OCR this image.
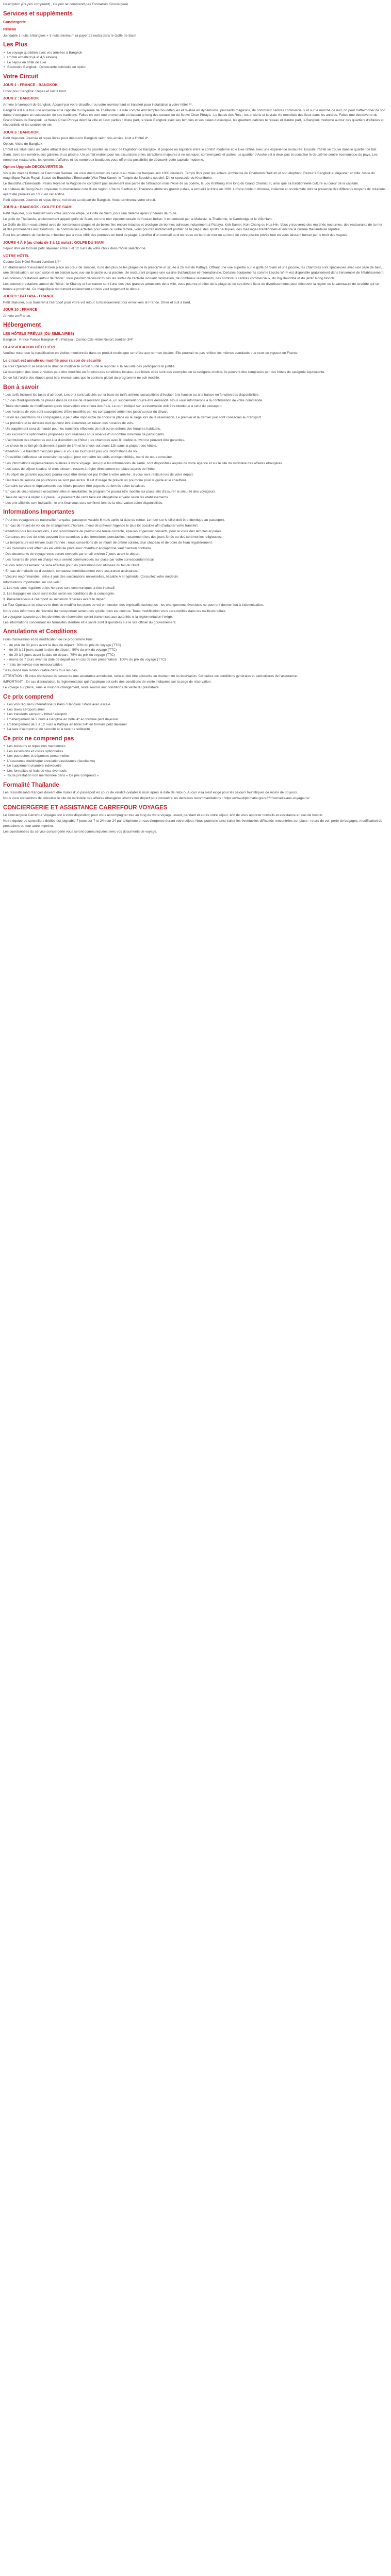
Description (Ce prix comprend) ; Ce prix ne comprend pas Formalités Conciergerie
Services et suppléments
Conciergerie
Réseau
Joindable 1 nuits à Bangkok + 3 nuits minimum (à payer 22 nuits) dans le Golfe de Siam
Les Plus
• Le voyage quotidien avec vos arrivées à Bangkok
• L'hôtel excellent (4 et 4,5 étoiles)
• Le séjour en hôtel de luxe
• Souvenirs Bangkok : Découverte culturelle en option
Votre Circuit
JOUR 1 : FRANCE - BANGKOK
Envol pour Bangkok. Repas et nuit à bord.
JOUR 2 : BANGKOK
Arrivée à l'aéroport de Bangkok. Accueil par votre chauffeur ou votre représentant et transfert pour installation à votre hôtel 4*.
Bangkok est à la fois une ancienne et la capitale du royaume de Thaïlande. La ville compte 400 temples bouddhiques et rivalise en dynamisme, puissants magasins, de nombreux centres commerciaux et sur le marché de nuit, on peut s'affaironner de son dame s'occupant en succession de ses traditions. Faites en sont une promenade en bateau le long des canaux ou du fleuve Chao Phraya ; Le fleuve des Rois : les anciens et la vraie vie mondiale des lieux dans les années. Faites une découverte du Grand Palais de Bangkok. Le fleuve Chao Phraya décrit la ville et deux parties : d'une part, le vieux Bangkok avec ses temples et ses palais d'Asiatique, les quartiers cabines le réseau et d'autre part, la Bangkok moderne autour des quartiers d'affaires et résidentiels et les centres de vie.
JOUR 3 : BANGKOK
Petit déjeuner. Journée et repas libres pour découvrir Bangkok selon vos envies. Nuit à l'hôtel 4*.
Option: Visite de Bangkok
L'hôtel est situé dans un cadre attractif des échappements paisible au coeur de l'agitation de Bangkok. Il propose un équilibre entre le confort moderne et le luxe raffiné avec une expérience restaurée. Ensuite, l'hôtel se trouve dans le quartier de Bat Siam, avec ses nombreuses galeries et sa piscine. Un parfait endroit pour les excursions et les attractions majeures à ne manquer, commerçants et autres. Le quartier d'Asoke est à deux pas et constitue le deuxième centre économique du pays. Les nombreux restaurants, les centres d'affaires et les nombreux boutiques vous offrent la possibilité de découvrir cette capitale moderne.
Option Upgrade DECOUVERTE 3h
Visite du marché flottant de Damnoen Saduak, où vous découvrirez les canaux au milieu de barques aux 1000 couleurs. Temps libre pour les achats. Ambiance de Chaïnatun Radium et son éléphant. Retour à Bangkok et déjeuner en ville. Visite du magnifique Palais Royal. Statue du Bouddha d'Émeraude (Wat Phra Kaew), le Temple du Bouddha couché. Dîner spectacle du Khanthoke.
Le Bouddha d'Émeraude, Palais Royal et la Pagode ne comptent pas seulement une partie de l'attraction mais l'Asie de sa poème, la Loy Krathong et le long du Grand Chaïnatun, ainsi que sa traditionnelle culture au coeur de la capitale.
Le château de Bang Pa-In, royaume du merveilleux cote d'une région. L'île de Sadhuk en Thailande abrite les grands palais, a accueilli le trône en 1991 à d'une couleur chinoise, indienne et occidentale dont la présence des différents moyens de créations ayant été prouvés en 1850 en cet édifice.
Petit déjeuner. Journée et repas libres, vol direct au départ de Bangkok. Vous terminerez votre circuit.
JOUR 4 : BANGKOK - GOLFE DE SIAM
Petit déjeuner, puis transfert vers votre seconde étape, le Golfe de Siam, pour une détente après 2 heures de route.
Le golfe de Thaïlande, anciennement appelé golfe de Siam, est une mer épicontinentale de l'océan Indien. Il est entouré par la Malaisie, la Thaïlande, le Cambodge et le Viêt Nam.
Le Golfe de Siam vous attend avec de nombreuses plages et de belles îles encore intactes et prodigue de bonnes adresses notamment à Pattaya, Koh Samet, Koh Chang ou Hua Hin. Vous y trouverez des marchés nocturnes, des restaurants de la mer et des promenades aux alentours. De nombreuses activités pour vous ou votre famille, vous pourrez notamment profiter de la plage, des sports nautiques, des massages traditionnels et encore la cuisine thaïlandaise réputée.
Pour les amateurs de farniente, n'hésitez pas à vous offrir des journées en bord de plage, à profiter d'un cocktail ou d'un repas en bord de mer ou au bord de votre piscine privée tout en vous laissant bercer par le bruit des vagues.
JOURS 4 À 9 (au choix de 3 à 12 nuits) : GOLFE DU SIAM
Séjour libre en formule petit déjeuner entre 3 et 12 nuits de votre choix dans l'hôtel sélectionné.
VOTRE HÔTEL
Cosmo Cde Hôtel Resort Jomtien 3/4*
Un établissement excellent et bien placé au cœur de Jomtien, l'une des plus belles plages de la presqu'île et située à 25 min de Pattaya. Offrant une vue superbe sur le golfe de Siam et une piscine, les chambres sont spacieuses avec une salle de bain, une climatisation, un coin salon et un balcon avec vue sur le jardin ou la piscine. Un restaurant propose une cuisine thaïlandaise et internationale. Certains équipements comme l'accès Wi-Fi est disponible gratuitement dans l'ensemble de l'établissement.
Les bonnes prestations autour de l'hôtel : vous pourrez découvrir toutes les sortes de l'activité incluant l'animation, de nombreux restaurants, des nombreux centres commerciaux, du Big Bouddha et du jardin Nong Nooch.
Les bonnes prestations autour de l'hôtel : le Khanoy et l'art nature sont l'une des plus grandes attractions de la ville, vous pourrez profiter de la plage ou de ses divers lieux de divertissements pour découvrir la région ou le sanctuaire de la vérité qui se trouve à proximité. Ce magnifique monument entièrement en bois vaut largement le détour.
JOUR 9 : PATTAYA - FRANCE
Petit déjeuner, puis transfert à l'aéroport pour votre vol retour. Embarquement pour envol vers la France. Dîner et nuit à bord.
JOUR 10 : FRANCE
Arrivée en France.
Hébergement
LES HÔTELS PRÉVUS (OU SIMILAIRES)
Bangkok : Prince Palace Bangkok 4* / Pattaya : Cosmo Cde Hôtel Resort Jomtien 3/4*
CLASSIFICATION HÔTELIÈRE
Veuillez noter que la classification en étoiles mentionnée dans ce produit touristique se réfère aux normes locales. Elle pourrait ne pas refléter les mêmes standards que ceux en vigueur en France.
Le circuit est annulé ou modifié pour raison de sécurité
Le Tour Opérateur se réserve le droit de modifier le circuit ou de le reporter si la sécurité des participants le justifie.
La description des sites et visites peut être modifiée en fonction des conditions locales. Les hôtels cités sont des exemples de la catégorie choisie, ils peuvent être remplacés par des hôtels de catégorie équivalente.
De ce fait l'ordre des étapes peut être inversé sans que le contenu global du programme ne soit modifié.
Bon à savoir
* Les tarifs incluent les taxes d'aéroport. Les prix sont calculés sur la base de tarifs aériens susceptibles d'évoluer à la hausse ou à la baisse en fonction des disponibilités.
* En cas d'indisponibilité de places dans la classe de réservation prévue, un supplément pourra être demandé. Nous vous informerons à la confirmation de votre commande.
* Toute demande de modification après réservation entraînera des frais. Le nom indiqué sur la réservation doit être identique à celui du passeport.
* Les horaires de vols sont susceptibles d'être modifiés par les compagnies aériennes jusqu'au jour du départ.
* Selon les conditions des compagnies, il peut être impossible de choisir la place ou le siège lors de la réservation. Le premier et le dernier jour sont consacrés au transport.
* La première et la dernière nuit peuvent être écourtées en raison des horaires de vols.
* Un supplément sera demandé pour les transferts effectués de nuit ou en dehors des horaires habituels.
* Les excursions optionnelles proposées sont réalisées sous réserve d'un nombre minimum de participants.
* L'attribution des chambres est à la discrétion de l'hôtel ; les chambres avec lit double ou twin ne peuvent être garanties.
* Le check-in se fait généralement à partir de 14h et le check-out avant 12h dans la plupart des hôtels.
* Attention : Le transfert n'est pas prévu si vous ne fournissez pas vos informations de vol.
* Possibilité d'effectuer un extension de séjour, pour connaître les tarifs et disponibilités, merci de nous consulter.
* Les informations réglementaires relatives à votre voyage, ainsi que les informations de santé, sont disponibles auprès de votre agence et sur le site du ministère des affaires étrangères.
* Les taxes de séjour locales, si elles existent, restent à régler directement sur place auprès de l'hôtel.
* Un dépôt de garantie (caution) pourra vous être demandé par l'hôtel à votre arrivée ; il vous sera restitué lors de votre départ.
* Des frais de service ou pourboires ne sont pas inclus. Il est d'usage de prévoir un pourboire pour le guide et le chauffeur.
* Certains services et équipements des hôtels peuvent être payants ou fermés selon la saison.
* En cas de circonstances exceptionnelles et inévitables, le programme pourra être modifié sur place afin d'assurer la sécurité des voyageurs.
* Taxe de séjour à régler sur place. Le paiement de cette taxe est obligatoire et varie selon les établissements.
* Les prix affichés sont indicatifs ; le prix final vous sera confirmé lors de la réservation selon disponibilités.
Informations Importantes
* Pour les voyageurs de nationalité française, passeport valable 6 mois après la date de retour. Le nom sur le billet doit être identique au passeport.
* En cas de retard de vol ou de changement d'horaire, merci de prévenir l'agence le plus tôt possible afin d'adapter votre transfert.
* Attention pour les excursions, il est recommandé de prévoir une tenue correcte, épaules et genoux couverts, pour la visite des temples et palais.
* Certaines entrées de sites peuvent être soumises à des fermetures ponctuelles, notamment lors des jours fériés ou des cérémonies religieuses.
* La température est élevée toute l'année ; nous conseillons de se munir de crème solaire, d'un chapeau et de boire de l'eau régulièrement.
* Les transferts sont effectués en véhicule privé avec chauffeur anglophone sauf mention contraire.
* Des documents de voyage vous seront envoyés par email environ 7 jours avant le départ.
* Les horaires de prise en charge vous seront communiqués sur place par votre correspondant local.
* Aucun remboursement ne sera effectué pour les prestations non utilisées du fait du client.
* En cas de maladie ou d'accident, contactez immédiatement votre assurance assistance.
* Vaccins recommandés : mise à jour des vaccinations universelles, hépatite A et typhoïde. Consultez votre médecin.
Informations importantes sur vos vols :
1. Les vols sont réguliers et les horaires sont communiqués à titre indicatif.
2. Les bagages en soute sont inclus selon les conditions de la compagnie.
3. Présentez-vous à l'aéroport au minimum 3 heures avant le départ.
Le Tour Opérateur se réserve le droit de modifier les plans de vol en fonction des impératifs techniques ; les changements éventuels ne pourront donner lieu à indemnisation.
Nous vous informons de l'identité du transporteur aérien dès qu'elle nous est connue. Toute modification vous sera notifiée dans les meilleurs délais.
Le voyageur accepte que les données de réservation soient transmises aux autorités si la réglementation l'exige.
Les informations concernant les formalités d'entrée et la santé sont disponibles sur le site officiel du gouvernement.
Annulations et Conditions
Frais d'annulation et de modification de ce programme Plus :
• - de plus de 30 jours avant la date de départ : 30% du prix du voyage (TTC)
• - de 30 à 21 jours avant la date de départ : 50% du prix du voyage (TTC)
• - de 20 à 8 jours avant la date de départ : 75% du prix du voyage (TTC)
• - moins de 7 jours avant la date de départ ou en cas de non présentation : 100% du prix du voyage (TTC)
• * frais de service non remboursables
* Assurance non remboursable dans tous les cas.
ATTENTION : Si vous choisissez de souscrire une assurance annulation, celle-ci doit être souscrite au moment de la réservation. Consultez les conditions générales et particulières de l'assurance.
IMPORTANT : En cas d'annulation, la réglementation qui s'applique est celle des conditions de vente indiquées sur la page de réservation.
Le voyage sur place, sans le moindre changement, reste soumis aux conditions de vente du prestataire.
Ce prix comprend
• Les vols réguliers internationaux Paris / Bangkok / Paris avec escale
• Les taxes aéroportuaires
• Les transferts aéroport / hôtel / aéroport
• L'hébergement de 2 nuits à Bangkok en hôtel 4* en formule petit déjeuner
• L'hébergement de 3 à 12 nuits à Pattaya en hôtel 3/4* en formule petit déjeuner
• La taxe d'aéroport et de sécurité et la taxe de solidarité
Ce prix ne comprend pas
• Les boissons et repas non mentionnés
• Les excursions et visites optionnelles
• Les pourboires et dépenses personnelles
• L'assurance multirisque annulation/assistance (facultative)
• Le supplément chambre individuelle
• Les formalités et frais de visa éventuels
• Toute prestation non mentionnée dans « Ce prix comprend »
Formalité Thaïlande
Les ressortissants français doivent être munis d'un passeport en cours de validité (valable 6 mois après la date de retour). Aucun visa n'est exigé pour les séjours touristiques de moins de 30 jours.
Nous vous conseillons de consulter le site du ministère des affaires étrangères avant votre départ pour connaître les dernières recommandations : https://www.diplomatie.gouv.fr/fr/conseils-aux-voyageurs/
CONCIERGERIE ET ASSISTANCE CARREFOUR VOYAGES
Le Conciergerie Carrefour Voyages est à votre disposition pour vous accompagner tout au long de votre voyage, avant, pendant et après votre séjour, afin de vous apporter conseils et assistance en cas de besoin.
Notre équipe de conseillers dédiée est joignable 7 jours sur 7 et 24h sur 24 par téléphone en cas d'urgence durant votre séjour. Nous pourrons ainsi traiter les éventuelles difficultés rencontrées sur place : retard de vol, perte de bagages, modification de prestations ou tout autre imprévu.
Les coordonnées du service conciergerie vous seront communiquées avec vos documents de voyage.
